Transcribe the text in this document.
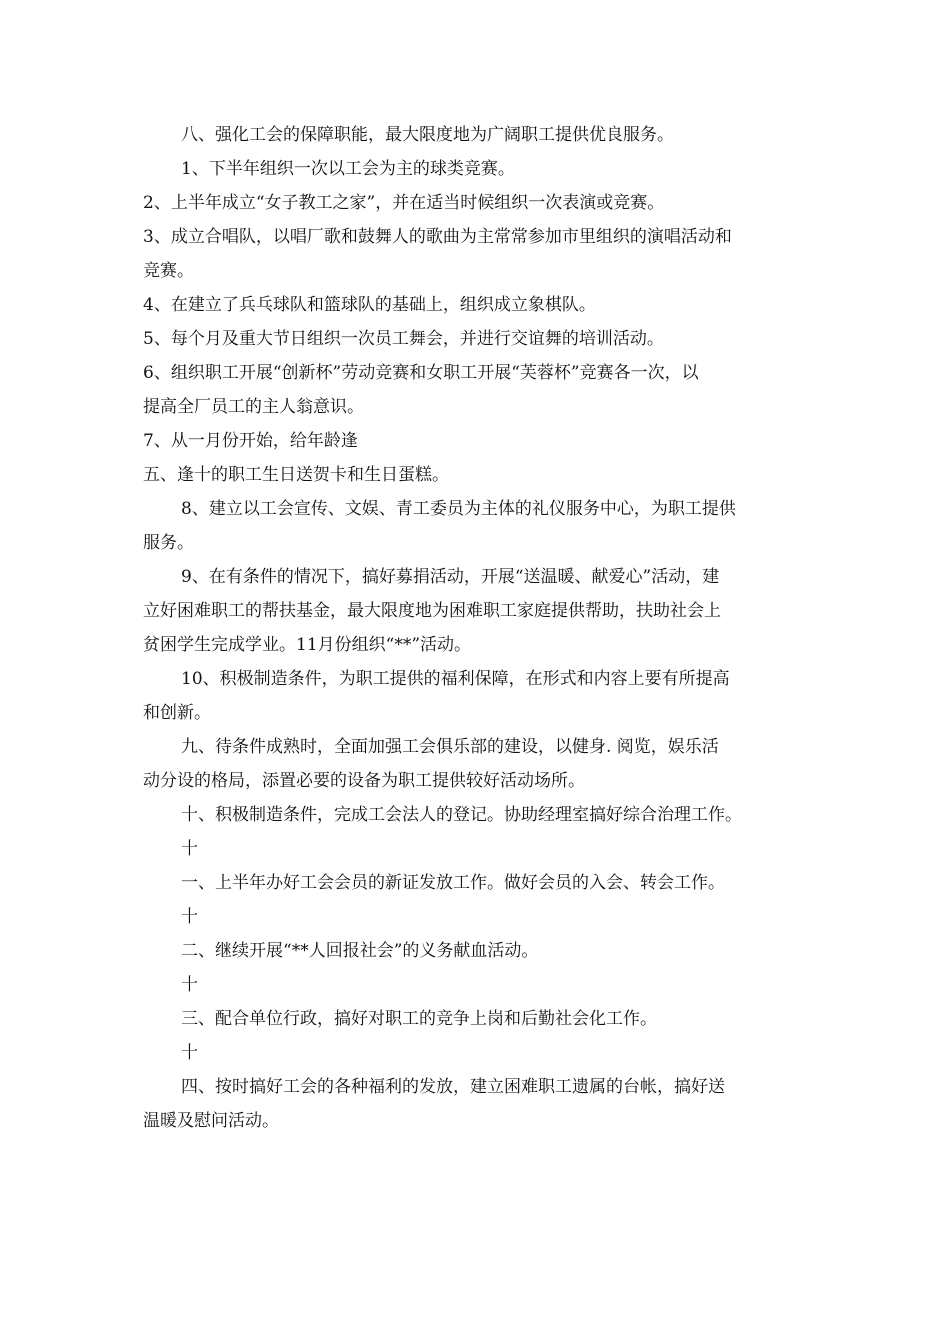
八、强化工会的保障职能，最大限度地为广阔职工提供优良服务。
1、下半年组织一次以工会为主的球类竞赛。
2、上半年成立“女子教工之家”，并在适当时候组织一次表演或竞赛。
3、成立合唱队，以唱厂歌和鼓舞人的歌曲为主常常参加市里组织的演唱活动和
竞赛。
4、在建立了兵乓球队和篮球队的基础上，组织成立象棋队。
5、每个月及重大节日组织一次员工舞会，并进行交谊舞的培训活动。
6、组织职工开展“创新杯”劳动竞赛和女职工开展“芙蓉杯”竞赛各一次，以
提高全厂员工的主人翁意识。
7、从一月份开始，给年龄逢
五、逢十的职工生日送贺卡和生日蛋糕。
8、建立以工会宣传、文娱、青工委员为主体的礼仪服务中心，为职工提供
服务。
9、在有条件的情况下，搞好募捐活动，开展“送温暖、献爱心”活动，建
立好困难职工的帮扶基金，最大限度地为困难职工家庭提供帮助，扶助社会上
贫困学生完成学业。11月份组织“**”活动。
10、积极制造条件，为职工提供的福利保障，在形式和内容上要有所提高
和创新。
九、待条件成熟时，全面加强工会俱乐部的建设，以健身. 阅览，娱乐活
动分设的格局，添置必要的设备为职工提供较好活动场所。
十、积极制造条件，完成工会法人的登记。协助经理室搞好综合治理工作。
十
一、上半年办好工会会员的新证发放工作。做好会员的入会、转会工作。
十
二、继续开展“**人回报社会”的义务献血活动。
十
三、配合单位行政，搞好对职工的竞争上岗和后勤社会化工作。
十
四、按时搞好工会的各种福利的发放，建立困难职工遗属的台帐，搞好送
温暖及慰问活动。
